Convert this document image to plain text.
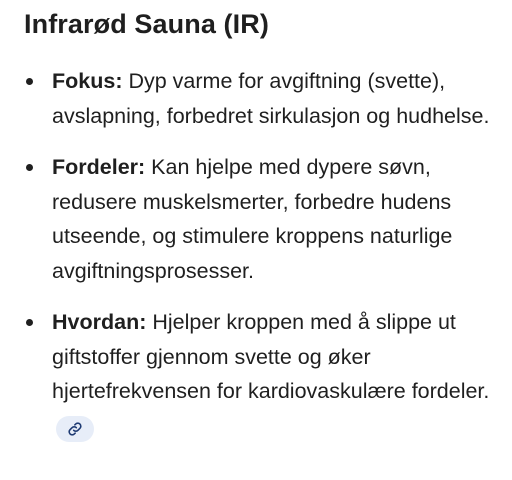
Infrarød Sauna (IR)
Fokus: Dyp varme for avgiftning (svette), avslapning, forbedret sirkulasjon og hudhelse.
Fordeler: Kan hjelpe med dypere søvn, redusere muskelsmerter, forbedre hudens utseende, og stimulere kroppens naturlige avgiftningsprosesser.
Hvordan: Hjelper kroppen med å slippe ut giftstoffer gjennom svette og øker hjertefrekvensen for kardiovaskulære fordeler.
